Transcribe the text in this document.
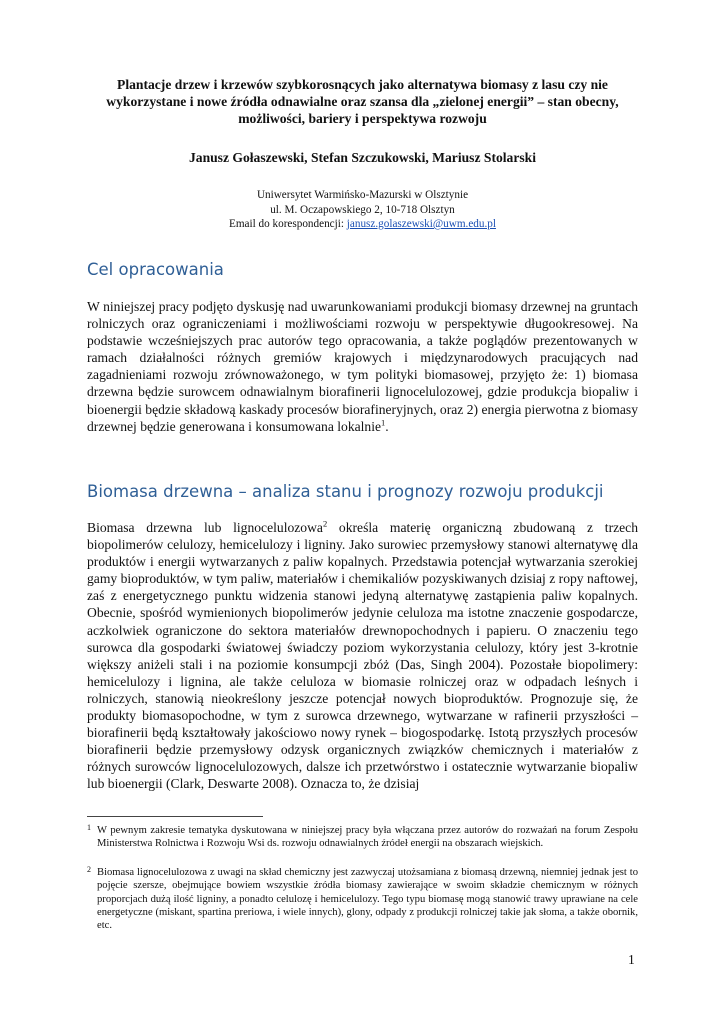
Plantacje drzew i krzewów szybkorosnących jako alternatywa biomasy z lasu czy nie wykorzystane i nowe źródła odnawialne oraz szansa dla „zielonej energii” – stan obecny, możliwości, bariery i perspektywa rozwoju
Janusz Gołaszewski, Stefan Szczukowski, Mariusz Stolarski
Uniwersytet Warmińsko-Mazurski w Olsztynie
ul. M. Oczapowskiego 2, 10-718 Olsztyn
Email do korespondencji: janusz.golaszewski@uwm.edu.pl
Cel opracowania

W niniejszej pracy podjęto dyskusję nad uwarunkowaniami produkcji biomasy drzewnej na gruntach rolniczych oraz ograniczeniami i możliwościami rozwoju w perspektywie długookresowej. Na podstawie wcześniejszych prac autorów tego opracowania, a także poglądów prezentowanych w ramach działalności różnych gremiów krajowych i międzynarodowych pracujących nad zagadnieniami rozwoju zrównoważonego, w tym polityki biomasowej, przyjęto że: 1) biomasa drzewna będzie surowcem odnawialnym biorafinerii lignocelulozowej, gdzie produkcja biopaliw i bioenergii będzie składową kaskady procesów biorafineryjnych, oraz 2) energia pierwotna z biomasy drzewnej będzie generowana i konsumowana lokalnie$^1$.

Biomasa drzewna – analiza stanu i prognozy rozwoju produkcji

Biomasa drzewna lub lignocelulozowa$^2$ określa materię organiczną zbudowaną z trzech biopolimerów celulozy, hemicelulozy i ligniny. Jako surowiec przemysłowy stanowi alternatywę dla produktów i energii wytwarzanych z paliw kopalnych. Przedstawia potencjał wytwarzania szerokiej gamy bioproduktów, w tym paliw, materiałów i chemikaliów pozyskiwanych dzisiaj z ropy naftowej, zaś z energetycznego punktu widzenia stanowi jedyną alternatywę zastąpienia paliw kopalnych. Obecnie, spośród wymienionych biopolimerów jedynie celuloza ma istotne znaczenie gospodarcze, aczkolwiek ograniczone do sektora materiałów drewnopochodnych i papieru. O znaczeniu tego surowca dla gospodarki światowej świadczy poziom wykorzystania celulozy, który jest 3-krotnie większy aniżeli stali i na poziomie konsumpcji zbóż (Das, Singh 2004). Pozostałe biopolimery: hemicelulozy i lignina, ale także celuloza w biomasie rolniczej oraz w odpadach leśnych i rolniczych, stanowią nieokreślony jeszcze potencjał nowych bioproduktów. Prognozuje się, że produkty biomasopochodne, w tym z surowca drzewnego, wytwarzane w rafinerii przyszłości – biorafinerii będą kształtowały jakościowo nowy rynek – biogospodarkę. Istotą przyszłych procesów biorafinerii będzie przemysłowy odzysk organicznych związków chemicznych i materiałów z różnych surowców lignocelulozowych, dalsze ich przetwórstwo i ostatecznie wytwarzanie biopaliw lub bioenergii (Clark, Deswarte 2008). Oznacza to, że dzisiaj

1 W pewnym zakresie tematyka dyskutowana w niniejszej pracy była włączana przez autorów do rozważań na forum Zespołu Ministerstwa Rolnictwa i Rozwoju Wsi ds. rozwoju odnawialnych źródeł energii na obszarach wiejskich.
2 Biomasa lignocelulozowa z uwagi na skład chemiczny jest zazwyczaj utożsamiana z biomasą drzewną, niemniej jednak jest to pojęcie szersze, obejmujące bowiem wszystkie źródła biomasy zawierające w swoim składzie chemicznym w różnych proporcjach dużą ilość ligniny, a ponadto celulozę i hemicelulozy. Tego typu biomasę mogą stanowić trawy uprawiane na cele energetyczne (miskant, spartina preriowa, i wiele innych), glony, odpady z produkcji rolniczej takie jak słoma, a także obornik, etc.
1
